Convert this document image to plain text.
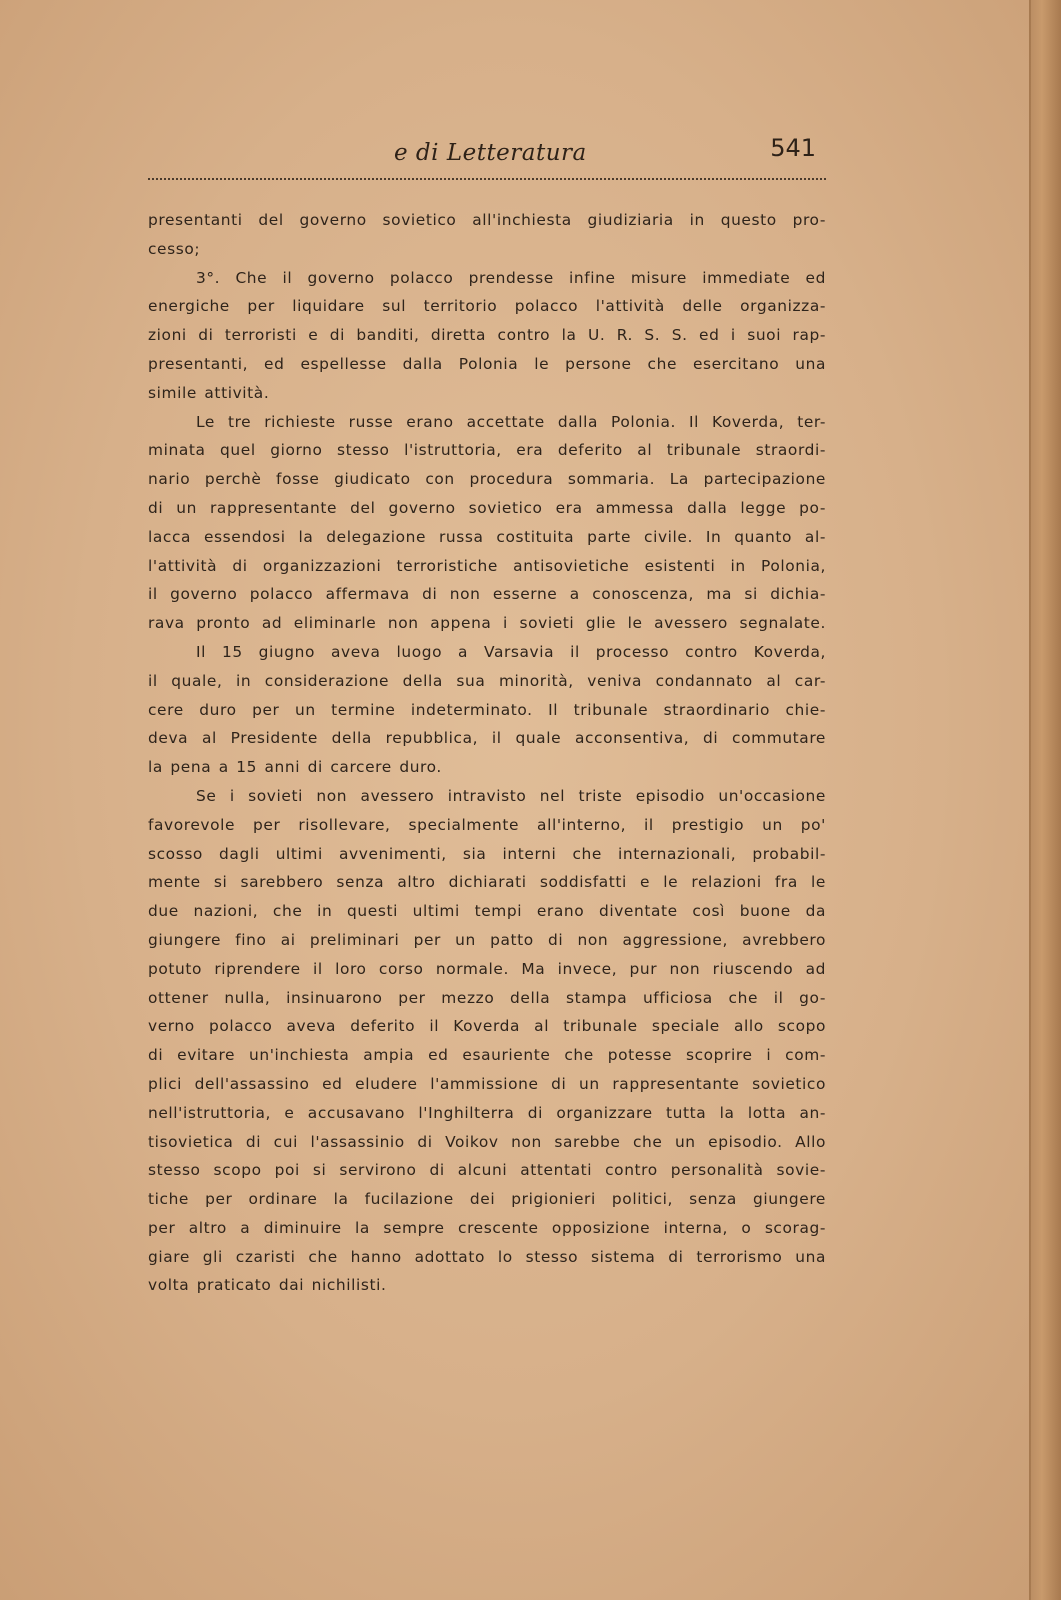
e di Letteratura	541
presentanti del governo sovietico all'inchiesta giudiziaria in questo pro-
cesso;
3°. Che il governo polacco prendesse infine misure immediate ed
energiche per liquidare sul territorio polacco l'attività delle organizza-
zioni di terroristi e di banditi, diretta contro la U. R. S. S. ed i suoi rap-
presentanti, ed espellesse dalla Polonia le persone che esercitano una
simile attività.
Le tre richieste russe erano accettate dalla Polonia. Il Koverda, ter-
minata quel giorno stesso l'istruttoria, era deferito al tribunale straordi-
nario perchè fosse giudicato con procedura sommaria. La partecipazione
di un rappresentante del governo sovietico era ammessa dalla legge po-
lacca essendosi la delegazione russa costituita parte civile. In quanto al-
l'attività di organizzazioni terroristiche antisovietiche esistenti in Polonia,
il governo polacco affermava di non esserne a conoscenza, ma si dichia-
rava pronto ad eliminarle non appena i sovieti glie le avessero segnalate.
Il 15 giugno aveva luogo a Varsavia il processo contro Koverda,
il quale, in considerazione della sua minorità, veniva condannato al car-
cere duro per un termine indeterminato. Il tribunale straordinario chie-
deva al Presidente della repubblica, il quale acconsentiva, di commutare
la pena a 15 anni di carcere duro.
Se i sovieti non avessero intravisto nel triste episodio un'occasione
favorevole per risollevare, specialmente all'interno, il prestigio un po'
scosso dagli ultimi avvenimenti, sia interni che internazionali, probabil-
mente si sarebbero senza altro dichiarati soddisfatti e le relazioni fra le
due nazioni, che in questi ultimi tempi erano diventate così buone da
giungere fino ai preliminari per un patto di non aggressione, avrebbero
potuto riprendere il loro corso normale. Ma invece, pur non riuscendo ad
ottener nulla, insinuarono per mezzo della stampa ufficiosa che il go-
verno polacco aveva deferito il Koverda al tribunale speciale allo scopo
di evitare un'inchiesta ampia ed esauriente che potesse scoprire i com-
plici dell'assassino ed eludere l'ammissione di un rappresentante sovietico
nell'istruttoria, e accusavano l'Inghilterra di organizzare tutta la lotta an-
tisovietica di cui l'assassinio di Voikov non sarebbe che un episodio. Allo
stesso scopo poi si servirono di alcuni attentati contro personalità sovie-
tiche per ordinare la fucilazione dei prigionieri politici, senza giungere
per altro a diminuire la sempre crescente opposizione interna, o scorag-
giare gli czaristi che hanno adottato lo stesso sistema di terrorismo una
volta praticato dai nichilisti.
